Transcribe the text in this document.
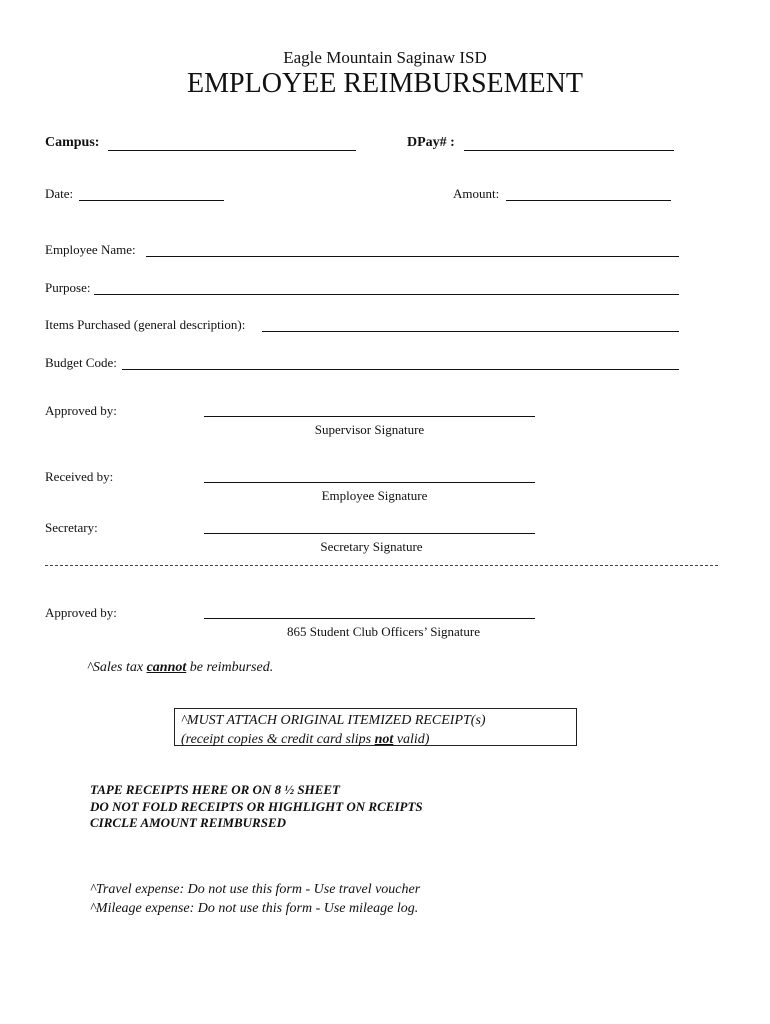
Eagle Mountain Saginaw ISD
EMPLOYEE REIMBURSEMENT
Campus:	DPay# :
Date:	Amount:
Employee Name:
Purpose:
Items Purchased (general description):
Budget Code:
Approved by:
Supervisor Signature
Received by:
Employee Signature
Secretary:
Secretary Signature
Approved by:
865 Student Club Officers’ Signature
^Sales tax cannot be reimbursed.
^MUST ATTACH ORIGINAL ITEMIZED RECEIPT(s)
(receipt copies & credit card slips not valid)
TAPE RECEIPTS HERE OR ON 8 ½ SHEET
DO NOT FOLD RECEIPTS OR HIGHLIGHT ON RCEIPTS
CIRCLE AMOUNT REIMBURSED
^Travel expense: Do not use this form - Use travel voucher
^Mileage expense: Do not use this form - Use mileage log.
